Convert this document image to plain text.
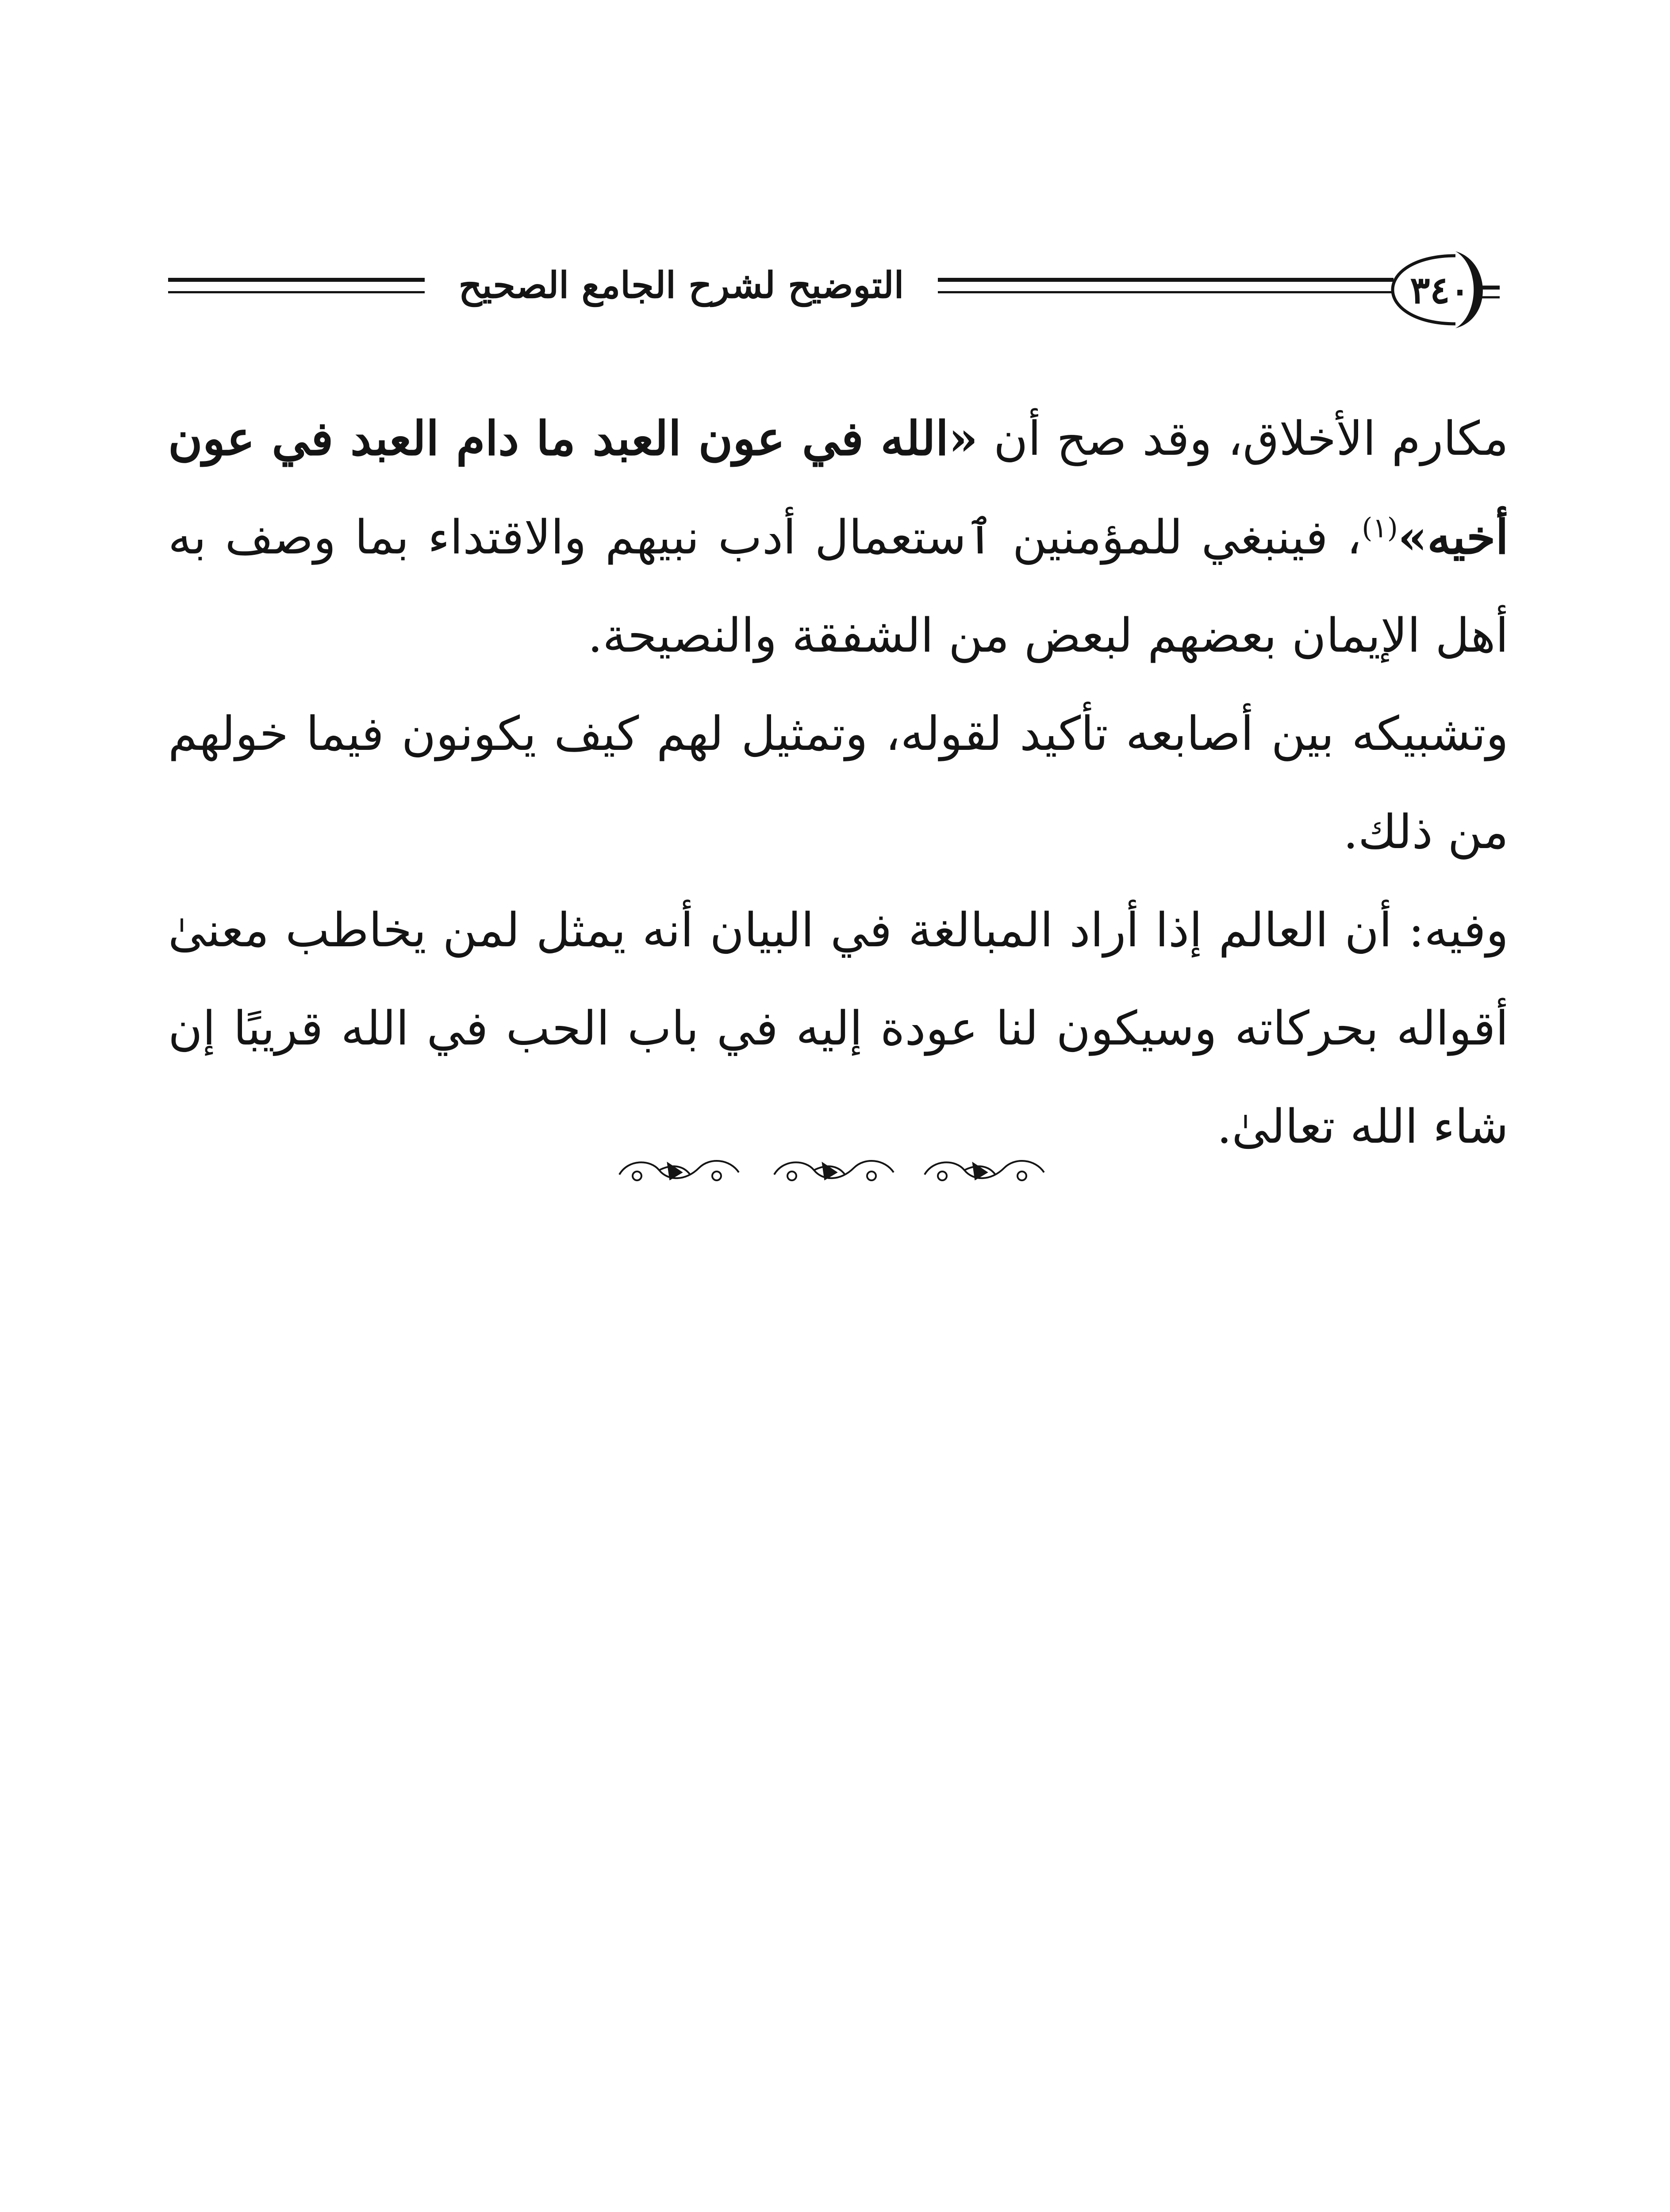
التوضيح لشرح الجامع الصحيح	٣٤٠

مكارم الأخلاق، وقد صح أن «الله في عون العبد ما دام العبد في عون أخيه»$^{(١)}$، فينبغي للمؤمنين ٱستعمال أدب نبيهم والاقتداء بما وصف به أهل الإيمان بعضهم لبعض من الشفقة والنصيحة.

وتشبيكه بين أصابعه تأكيد لقوله، وتمثيل لهم كيف يكونون فيما خولهم من ذلك.

وفيه: أن العالم إذا أراد المبالغة في البيان أنه يمثل لمن يخاطب معنىٰ أقواله بحركاته وسيكون لنا عودة إليه في باب الحب في الله قريبًا إن شاء الله تعالىٰ.
